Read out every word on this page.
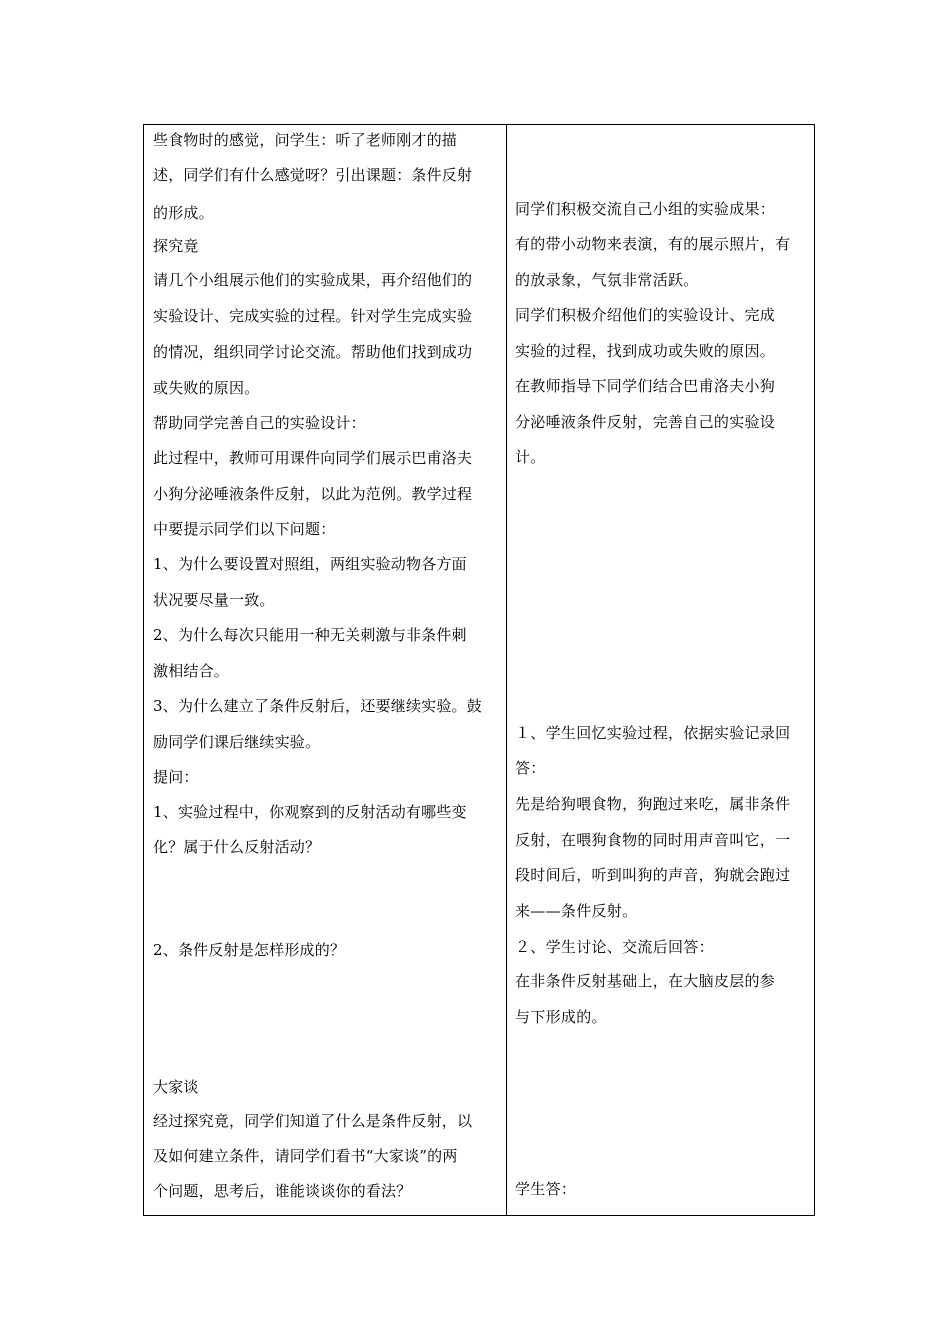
些食物时的感觉，问学生：听了老师刚才的描

述，同学们有什么感觉呀？引出课题：条件反射

的形成。

探究竟

请几个小组展示他们的实验成果，再介绍他们的

实验设计、完成实验的过程。针对学生完成实验

的情况，组织同学讨论交流。帮助他们找到成功

或失败的原因。

帮助同学完善自己的实验设计：

此过程中，教师可用课件向同学们展示巴甫洛夫

小狗分泌唾液条件反射，以此为范例。教学过程

中要提示同学们以下问题：

1、为什么要设置对照组，两组实验动物各方面

状况要尽量一致。

2、为什么每次只能用一种无关刺激与非条件刺

激相结合。

3、为什么建立了条件反射后，还要继续实验。鼓

励同学们课后继续实验。

提问：

1、实验过程中，你观察到的反射活动有哪些变

化？属于什么反射活动？

2、条件反射是怎样形成的？

大家谈

经过探究竟，同学们知道了什么是条件反射，以

及如何建立条件，请同学们看书“大家谈”的两

个问题，思考后，谁能谈谈你的看法？

同学们积极交流自己小组的实验成果：

有的带小动物来表演，有的展示照片，有

的放录象，气氛非常活跃。

同学们积极介绍他们的实验设计、完成

实验的过程，找到成功或失败的原因。

在教师指导下同学们结合巴甫洛夫小狗

分泌唾液条件反射，完善自己的实验设

计。

１、学生回忆实验过程，依据实验记录回

答：

先是给狗喂食物，狗跑过来吃，属非条件

反射，在喂狗食物的同时用声音叫它，一

段时间后，听到叫狗的声音，狗就会跑过

来——条件反射。

２、学生讨论、交流后回答：

在非条件反射基础上，在大脑皮层的参

与下形成的。

学生答：
